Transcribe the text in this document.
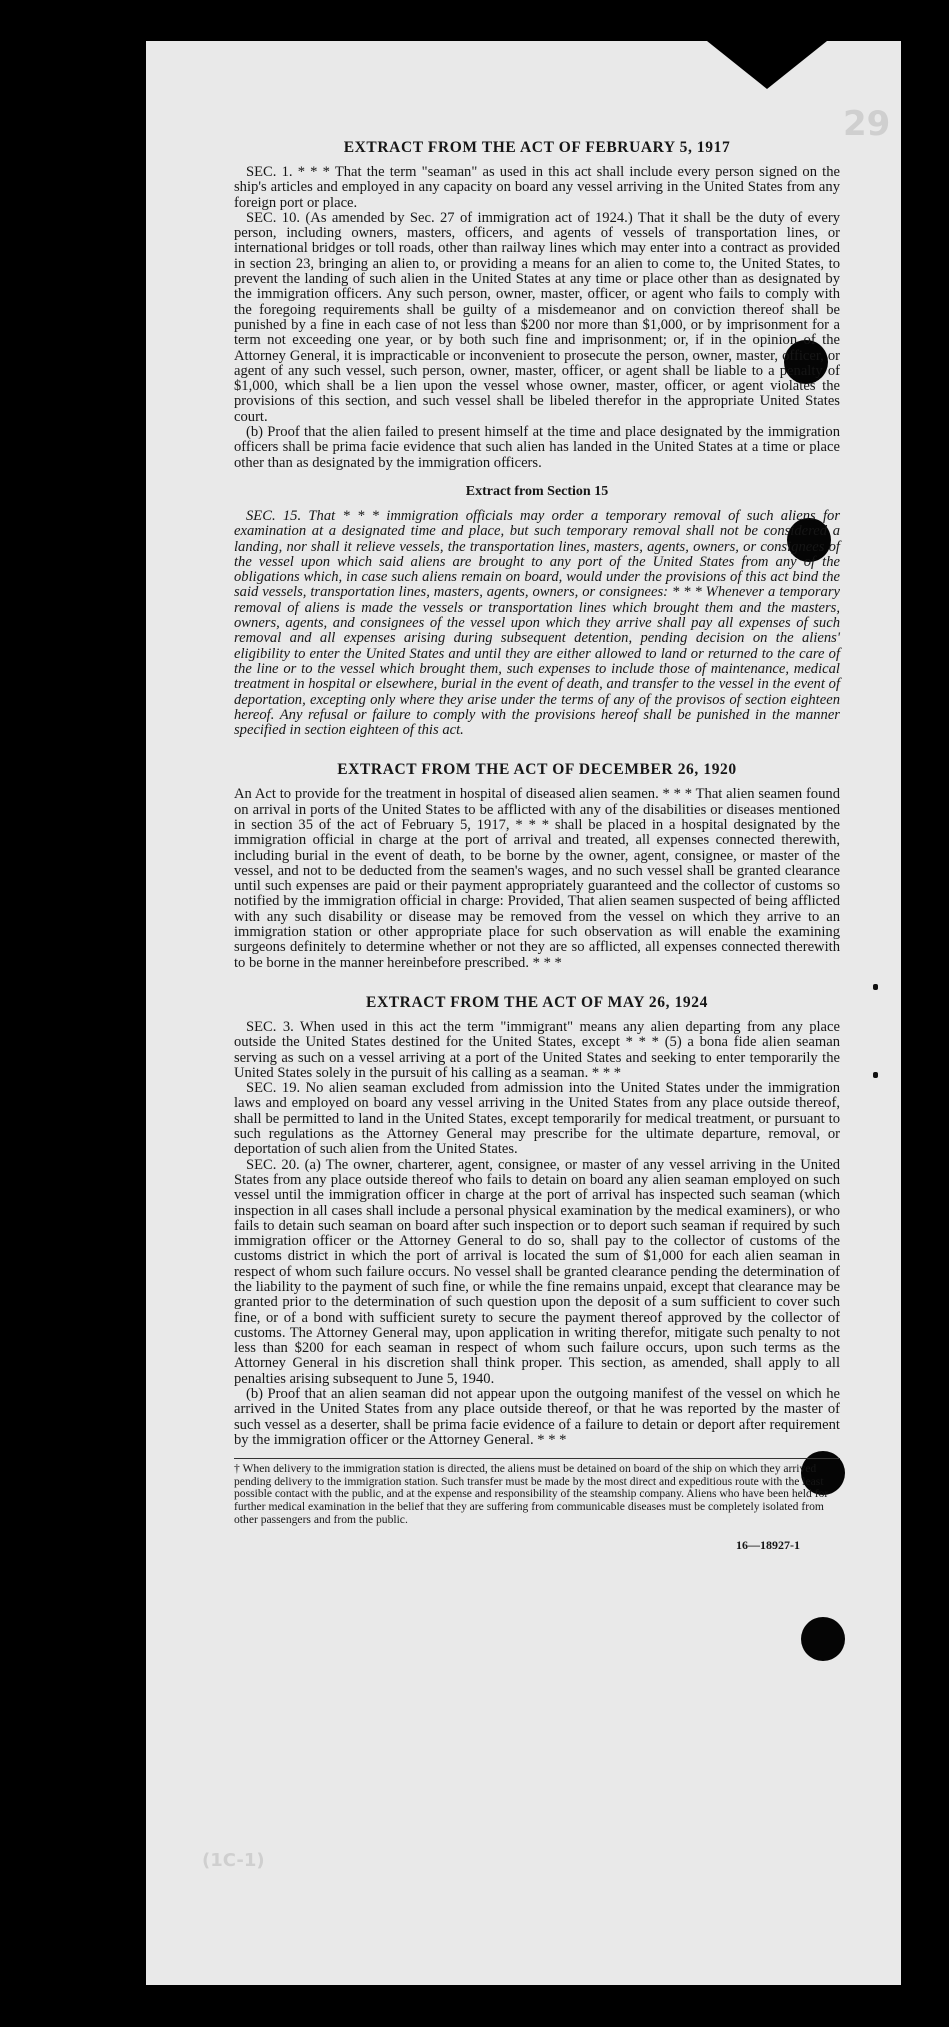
29
(1C-1)
EXTRACT FROM THE ACT OF FEBRUARY 5, 1917

SEC. 1. * * * That the term "seaman" as used in this act shall include every person signed on the ship's articles and employed in any capacity on board any vessel arriving in the United States from any foreign port or place.

SEC. 10. (As amended by Sec. 27 of immigration act of 1924.) That it shall be the duty of every person, including owners, masters, officers, and agents of vessels of transportation lines, or international bridges or toll roads, other than railway lines which may enter into a contract as provided in section 23, bringing an alien to, or providing a means for an alien to come to, the United States, to prevent the landing of such alien in the United States at any time or place other than as designated by the immigration officers. Any such person, owner, master, officer, or agent who fails to comply with the foregoing requirements shall be guilty of a misdemeanor and on conviction thereof shall be punished by a fine in each case of not less than $200 nor more than $1,000, or by imprisonment for a term not exceeding one year, or by both such fine and imprisonment; or, if in the opinion of the Attorney General, it is impracticable or inconvenient to prosecute the person, owner, master, officer, or agent of any such vessel, such person, owner, master, officer, or agent shall be liable to a penalty of $1,000, which shall be a lien upon the vessel whose owner, master, officer, or agent violates the provisions of this section, and such vessel shall be libeled therefor in the appropriate United States court.

(b) Proof that the alien failed to present himself at the time and place designated by the immigration officers shall be prima facie evidence that such alien has landed in the United States at a time or place other than as designated by the immigration officers.

Extract from Section 15

SEC. 15. That * * * immigration officials may order a temporary removal of such aliens for examination at a designated time and place, but such temporary removal shall not be considered a landing, nor shall it relieve vessels, the transportation lines, masters, agents, owners, or consignees of the vessel upon which said aliens are brought to any port of the United States from any of the obligations which, in case such aliens remain on board, would under the provisions of this act bind the said vessels, transportation lines, masters, agents, owners, or consignees: * * * Whenever a temporary removal of aliens is made the vessels or transportation lines which brought them and the masters, owners, agents, and consignees of the vessel upon which they arrive shall pay all expenses of such removal and all expenses arising during subsequent detention, pending decision on the aliens' eligibility to enter the United States and until they are either allowed to land or returned to the care of the line or to the vessel which brought them, such expenses to include those of maintenance, medical treatment in hospital or elsewhere, burial in the event of death, and transfer to the vessel in the event of deportation, excepting only where they arise under the terms of any of the provisos of section eighteen hereof. Any refusal or failure to comply with the provisions hereof shall be punished in the manner specified in section eighteen of this act.

EXTRACT FROM THE ACT OF DECEMBER 26, 1920

An Act to provide for the treatment in hospital of diseased alien seamen. * * * That alien seamen found on arrival in ports of the United States to be afflicted with any of the disabilities or diseases mentioned in section 35 of the act of February 5, 1917, * * * shall be placed in a hospital designated by the immigration official in charge at the port of arrival and treated, all expenses connected therewith, including burial in the event of death, to be borne by the owner, agent, consignee, or master of the vessel, and not to be deducted from the seamen's wages, and no such vessel shall be granted clearance until such expenses are paid or their payment appropriately guaranteed and the collector of customs so notified by the immigration official in charge: Provided, That alien seamen suspected of being afflicted with any such disability or disease may be removed from the vessel on which they arrive to an immigration station or other appropriate place for such observation as will enable the examining surgeons definitely to determine whether or not they are so afflicted, all expenses connected therewith to be borne in the manner hereinbefore prescribed. * * *

EXTRACT FROM THE ACT OF MAY 26, 1924

SEC. 3. When used in this act the term "immigrant" means any alien departing from any place outside the United States destined for the United States, except * * * (5) a bona fide alien seaman serving as such on a vessel arriving at a port of the United States and seeking to enter temporarily the United States solely in the pursuit of his calling as a seaman. * * *

SEC. 19. No alien seaman excluded from admission into the United States under the immigration laws and employed on board any vessel arriving in the United States from any place outside thereof, shall be permitted to land in the United States, except temporarily for medical treatment, or pursuant to such regulations as the Attorney General may prescribe for the ultimate departure, removal, or deportation of such alien from the United States.

SEC. 20. (a) The owner, charterer, agent, consignee, or master of any vessel arriving in the United States from any place outside thereof who fails to detain on board any alien seaman employed on such vessel until the immigration officer in charge at the port of arrival has inspected such seaman (which inspection in all cases shall include a personal physical examination by the medical examiners), or who fails to detain such seaman on board after such inspection or to deport such seaman if required by such immigration officer or the Attorney General to do so, shall pay to the collector of customs of the customs district in which the port of arrival is located the sum of $1,000 for each alien seaman in respect of whom such failure occurs. No vessel shall be granted clearance pending the determination of the liability to the payment of such fine, or while the fine remains unpaid, except that clearance may be granted prior to the determination of such question upon the deposit of a sum sufficient to cover such fine, or of a bond with sufficient surety to secure the payment thereof approved by the collector of customs. The Attorney General may, upon application in writing therefor, mitigate such penalty to not less than $200 for each seaman in respect of whom such failure occurs, upon such terms as the Attorney General in his discretion shall think proper. This section, as amended, shall apply to all penalties arising subsequent to June 5, 1940.

(b) Proof that an alien seaman did not appear upon the outgoing manifest of the vessel on which he arrived in the United States from any place outside thereof, or that he was reported by the master of such vessel as a deserter, shall be prima facie evidence of a failure to detain or deport after requirement by the immigration officer or the Attorney General. * * *

† When delivery to the immigration station is directed, the aliens must be detained on board of the ship on which they arrived pending delivery to the immigration station. Such transfer must be made by the most direct and expeditious route with the least possible contact with the public, and at the expense and responsibility of the steamship company. Aliens who have been held for further medical examination in the belief that they are suffering from communicable diseases must be completely isolated from other passengers and from the public.
16—18927-1
